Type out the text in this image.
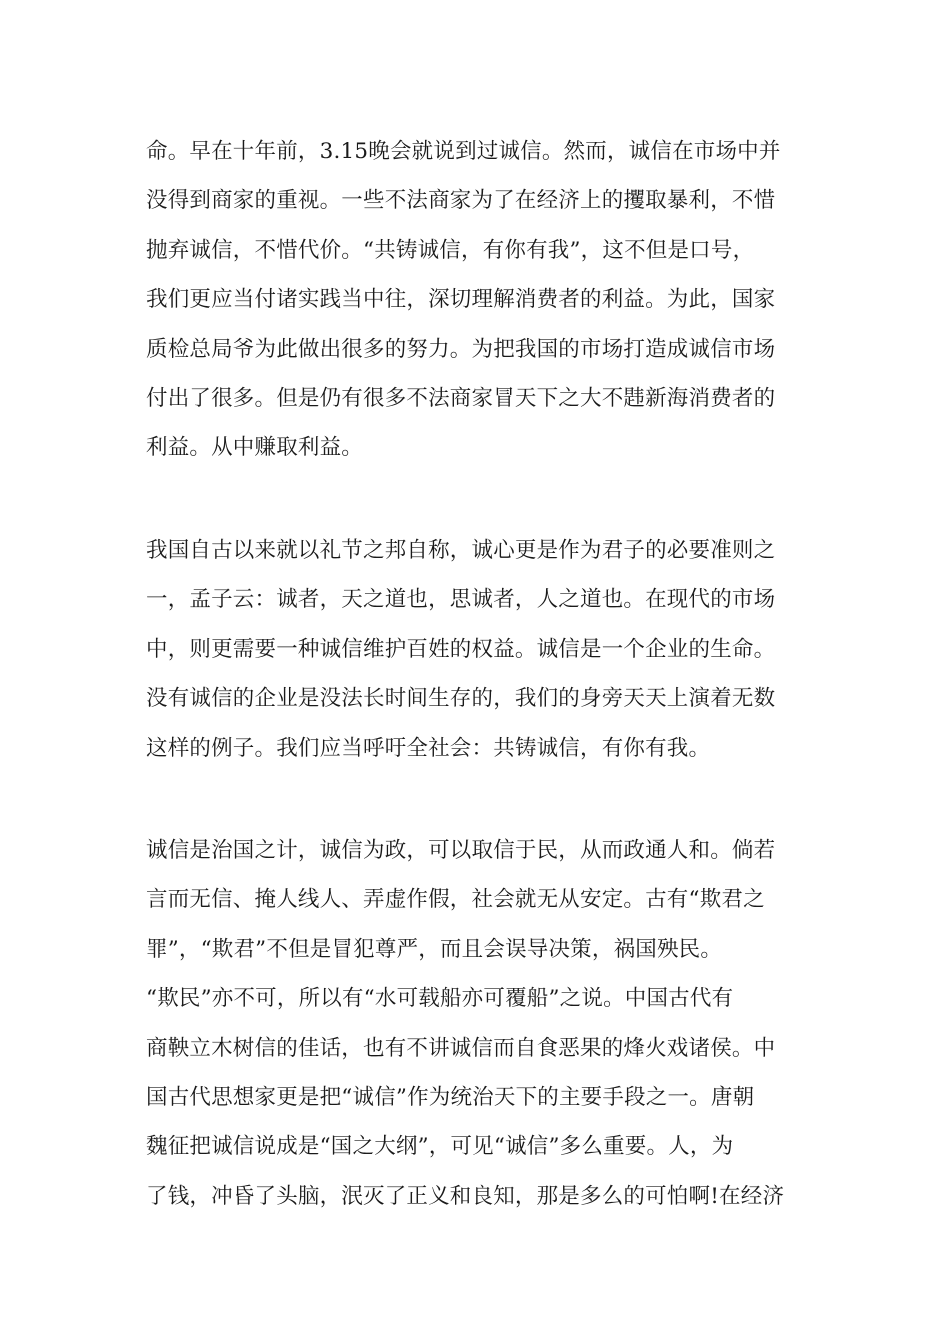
命。早在十年前，3.15晚会就说到过诚信。然而，诚信在市场中并
没得到商家的重视。一些不法商家为了在经济上的攫取暴利，不惜
抛弃诚信，不惜代价。“共铸诚信，有你有我”，这不但是口号，
我们更应当付诸实践当中往，深切理解消费者的利益。为此，国家
质检总局爷为此做出很多的努力。为把我国的市场打造成诚信市场
付出了很多。但是仍有很多不法商家冒天下之大不韪新海消费者的
利益。从中赚取利益。
我国自古以来就以礼节之邦自称，诚心更是作为君子的必要准则之
一，孟子云：诚者，天之道也，思诚者，人之道也。在现代的市场
中，则更需要一种诚信维护百姓的权益。诚信是一个企业的生命。
没有诚信的企业是没法长时间生存的，我们的身旁天天上演着无数
这样的例子。我们应当呼吁全社会：共铸诚信，有你有我。
诚信是治国之计，诚信为政，可以取信于民，从而政通人和。倘若
言而无信、掩人线人、弄虚作假，社会就无从安定。古有“欺君之
罪”，“欺君”不但是冒犯尊严，而且会误导决策，祸国殃民。
“欺民”亦不可，所以有“水可载船亦可覆船”之说。中国古代有
商鞅立木树信的佳话，也有不讲诚信而自食恶果的烽火戏诸侯。中
国古代思想家更是把“诚信”作为统治天下的主要手段之一。唐朝
魏征把诚信说成是“国之大纲”，可见“诚信”多么重要。人，为
了钱，冲昏了头脑，泯灭了正义和良知，那是多么的可怕啊!在经济
